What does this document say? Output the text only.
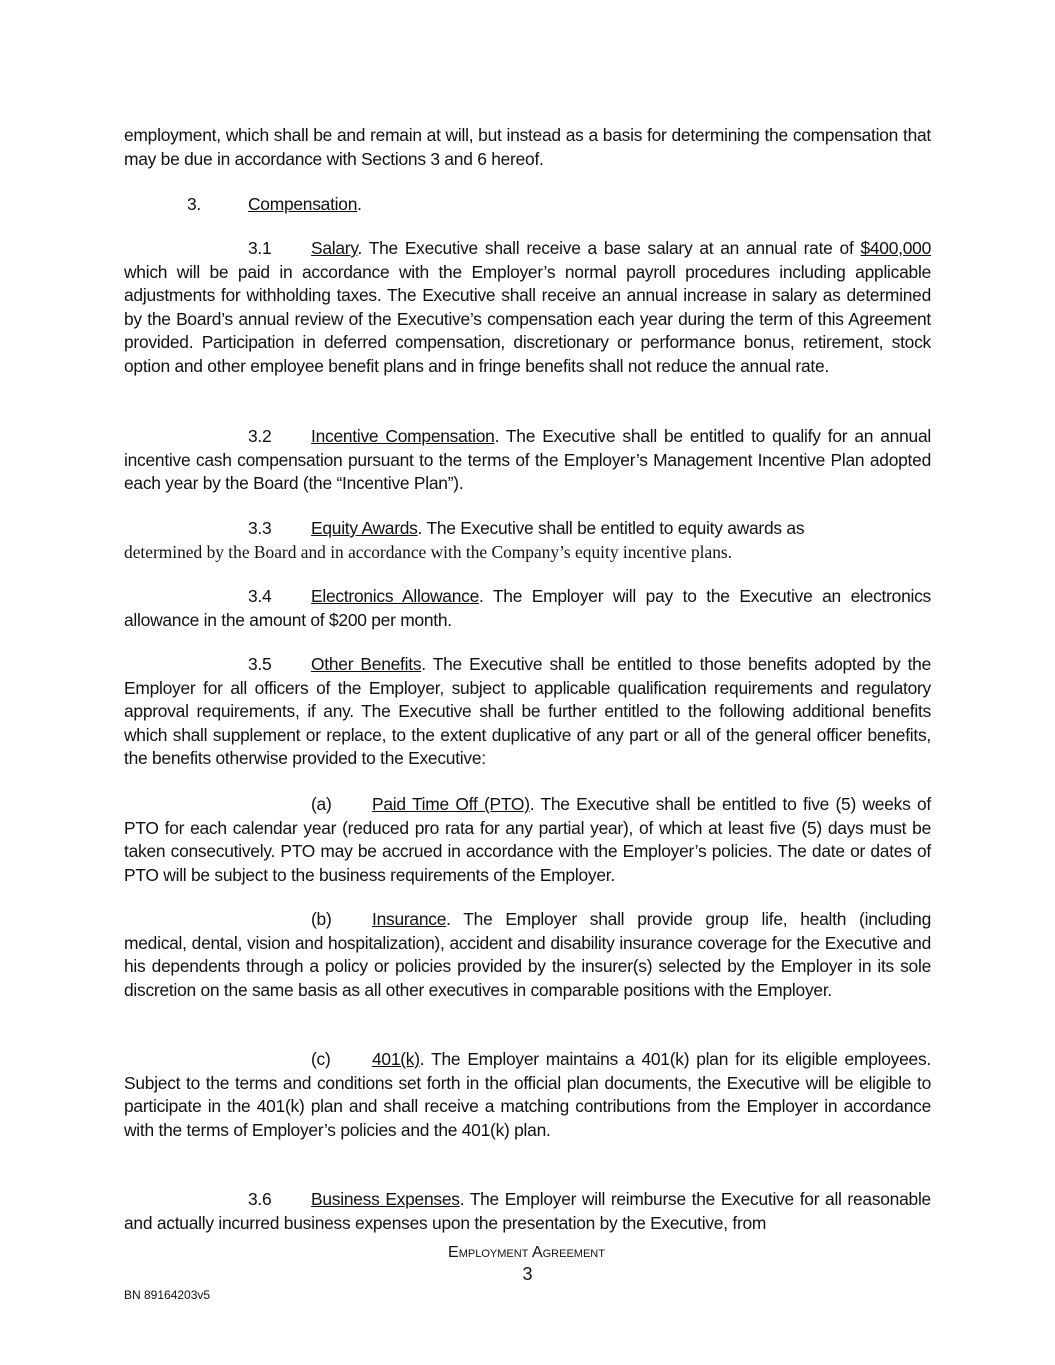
employment, which shall be and remain at will, but instead as a basis for determining the compensation that may be due in accordance with Sections 3 and 6 hereof.
3.	Compensation.
3.1 Salary. The Executive shall receive a base salary at an annual rate of $400,000 which will be paid in accordance with the Employer’s normal payroll procedures including applicable adjustments for withholding taxes. The Executive shall receive an annual increase in salary as determined by the Board’s annual review of the Executive’s compensation each year during the term of this Agreement provided. Participation in deferred compensation, discretionary or performance bonus, retirement, stock option and other employee benefit plans and in fringe benefits shall not reduce the annual rate.
3.2 Incentive Compensation. The Executive shall be entitled to qualify for an annual incentive cash compensation pursuant to the terms of the Employer’s Management Incentive Plan adopted each year by the Board (the “Incentive Plan”).
3.3 Equity Awards. The Executive shall be entitled to equity awards as
determined by the Board and in accordance with the Company’s equity incentive plans.
3.4 Electronics Allowance. The Employer will pay to the Executive an electronics allowance in the amount of $200 per month.
3.5 Other Benefits. The Executive shall be entitled to those benefits adopted by the Employer for all officers of the Employer, subject to applicable qualification requirements and regulatory approval requirements, if any. The Executive shall be further entitled to the following additional benefits which shall supplement or replace, to the extent duplicative of any part or all of the general officer benefits, the benefits otherwise provided to the Executive:
(a) Paid Time Off (PTO). The Executive shall be entitled to five (5) weeks of PTO for each calendar year (reduced pro rata for any partial year), of which at least five (5) days must be taken consecutively. PTO may be accrued in accordance with the Employer’s policies. The date or dates of PTO will be subject to the business requirements of the Employer.
(b) Insurance. The Employer shall provide group life, health (including medical, dental, vision and hospitalization), accident and disability insurance coverage for the Executive and his dependents through a policy or policies provided by the insurer(s) selected by the Employer in its sole discretion on the same basis as all other executives in comparable positions with the Employer.
(c) 401(k). The Employer maintains a 401(k) plan for its eligible employees. Subject to the terms and conditions set forth in the official plan documents, the Executive will be eligible to participate in the 401(k) plan and shall receive a matching contributions from the Employer in accordance with the terms of Employer’s policies and the 401(k) plan.
3.6 Business Expenses. The Employer will reimburse the Executive for all reasonable and actually incurred business expenses upon the presentation by the Executive, from
Employment Agreement
3
BN 89164203v5
